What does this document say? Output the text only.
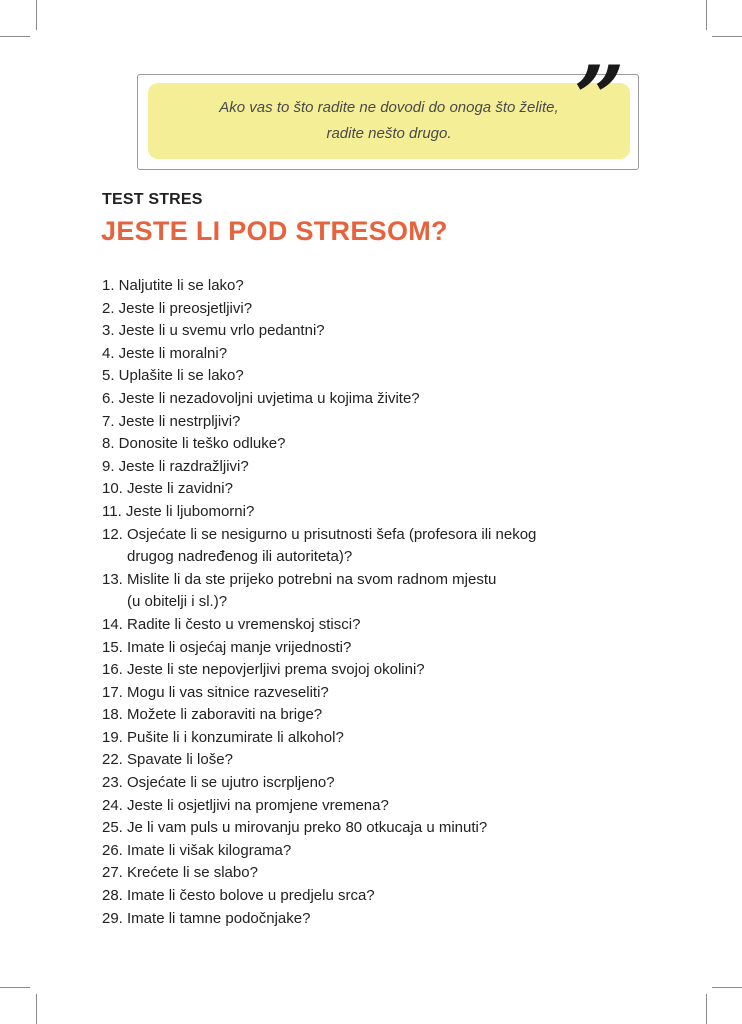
Ako vas to što radite ne dovodi do onoga što želite,
radite nešto drugo. ”
TEST STRES
JESTE LI POD STRESOM?
1. Naljutite li se lako?
2. Jeste li preosjetljivi?
3. Jeste li u svemu vrlo pedantni?
4. Jeste li moralni?
5. Uplašite li se lako?
6. Jeste li nezadovoljni uvjetima u kojima živite?
7. Jeste li nestrpljivi?
8. Donosite li teško odluke?
9. Jeste li razdražljivi?
10. Jeste li zavidni?
11. Jeste li ljubomorni?
12. Osjećate li se nesigurno u prisutnosti šefa (profesora ili nekog
drugog nadređenog ili autoriteta)?
13. Mislite li da ste prijeko potrebni na svom radnom mjestu
(u obitelji i sl.)?
14. Radite li često u vremenskoj stisci?
15. Imate li osjećaj manje vrijednosti?
16. Jeste li ste nepovjerljivi prema svojoj okolini?
17. Mogu li vas sitnice razveseliti?
18. Možete li zaboraviti na brige?
19. Pušite li i konzumirate li alkohol?
22. Spavate li loše?
23. Osjećate li se ujutro iscrpljeno?
24. Jeste li osjetljivi na promjene vremena?
25. Je li vam puls u mirovanju preko 80 otkucaja u minuti?
26. Imate li višak kilograma?
27. Krećete li se slabo?
28. Imate li često bolove u predjelu srca?
29. Imate li tamne podočnjake?
